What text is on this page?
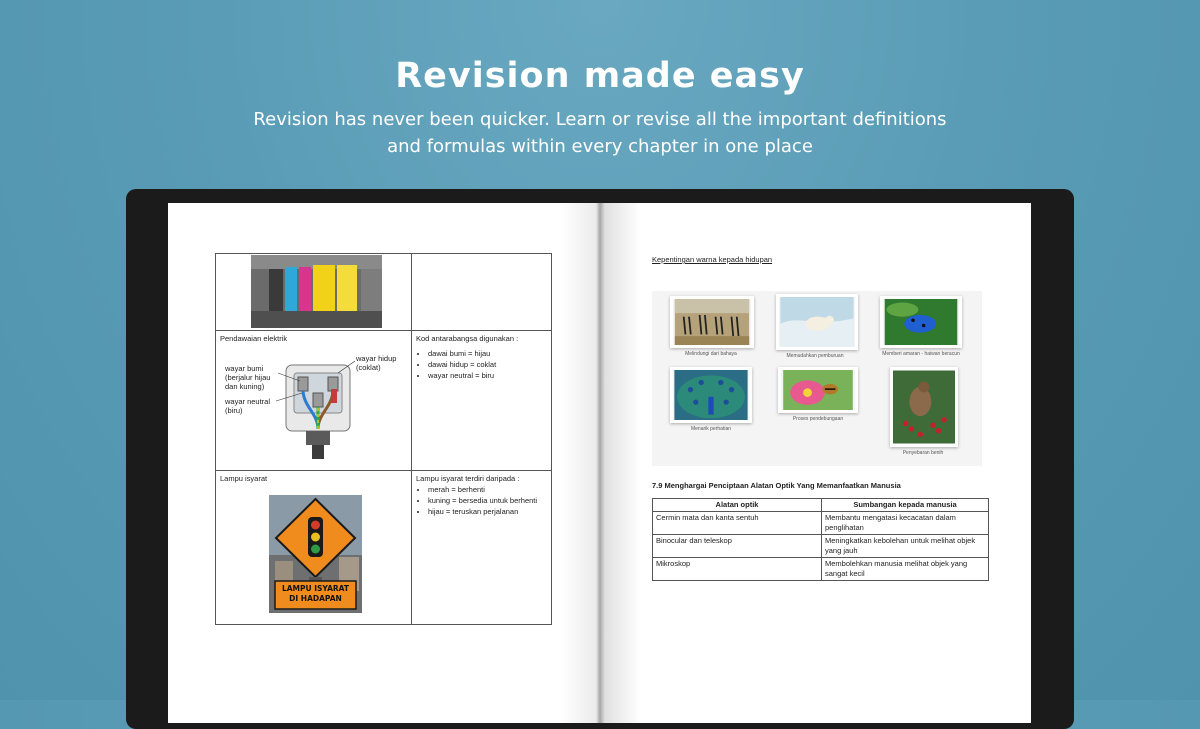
Revision made easy
Revision has never been quicker. Learn or revise all the important definitions
and formulas within every chapter in one place
Pendawaian elektrik
wayar hidup
(coklat)
wayar bumi
(berjalur hijau
dan kuning)
wayar neutral
(biru)
Kod antarabangsa digunakan :
• dawai bumi = hijau
• dawai hidup = coklat
• wayar neutral = biru
Lampu isyarat
LAMPU ISYARAT
DI HADAPAN
Lampu isyarat terdiri daripada :
• merah = berhenti
• kuning = bersedia untuk berhenti
• hijau = teruskan perjalanan
Kepentingan warna kepada hidupan
Melindungi dari bahaya	Memudahkan pemburuan	Memberi amaran - haiwan beracun
Menarik perhatian
Proses pendebungaan
Penyebaran benih
7.9 Menghargai Penciptaan Alatan Optik Yang Memanfaatkan Manusia
Alatan optik	Sumbangan kepada manusia
Cermin mata dan kanta sentuh	Membantu mengatasi kecacatan dalam penglihatan
Binocular dan teleskop	Meningkatkan kebolehan untuk melihat objek yang jauh
Mikroskop	Membolehkan manusia melihat objek yang sangat kecil
